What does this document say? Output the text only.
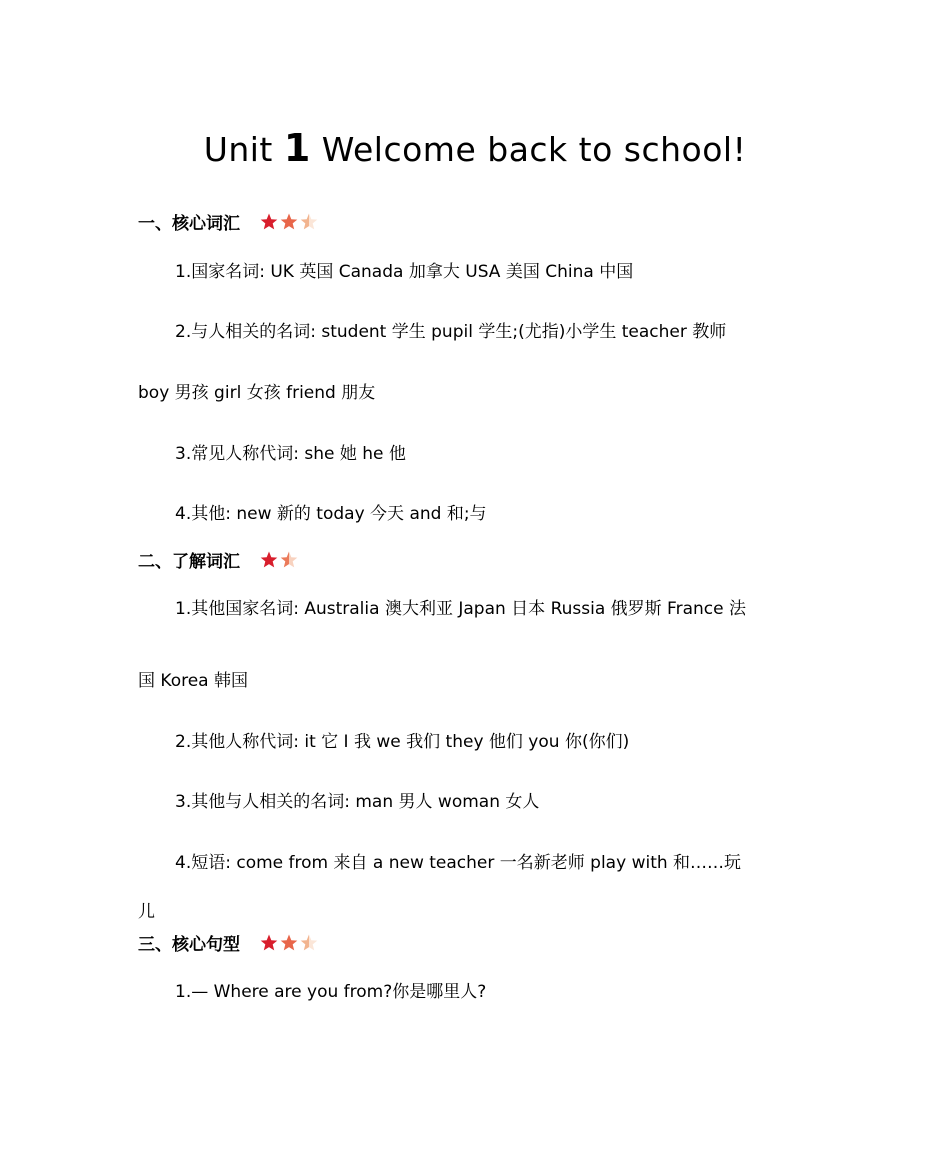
Unit 1 Welcome back to school!
一、核心词汇
1.国家名词: UK 英国 Canada 加拿大 USA 美国 China 中国
2.与人相关的名词: student 学生 pupil 学生;(尤指)小学生 teacher 教师
boy 男孩 girl 女孩 friend 朋友
3.常见人称代词: she 她 he 他
4.其他: new 新的 today 今天 and 和;与
二、了解词汇
1.其他国家名词: Australia 澳大利亚 Japan 日本 Russia 俄罗斯 France 法
国 Korea 韩国
2.其他人称代词: it 它 I 我 we 我们 they 他们 you 你(你们)
3.其他与人相关的名词: man 男人 woman 女人
4.短语: come from 来自 a new teacher 一名新老师 play with 和……玩
儿
三、核心句型
1.— Where are you from?你是哪里人?
